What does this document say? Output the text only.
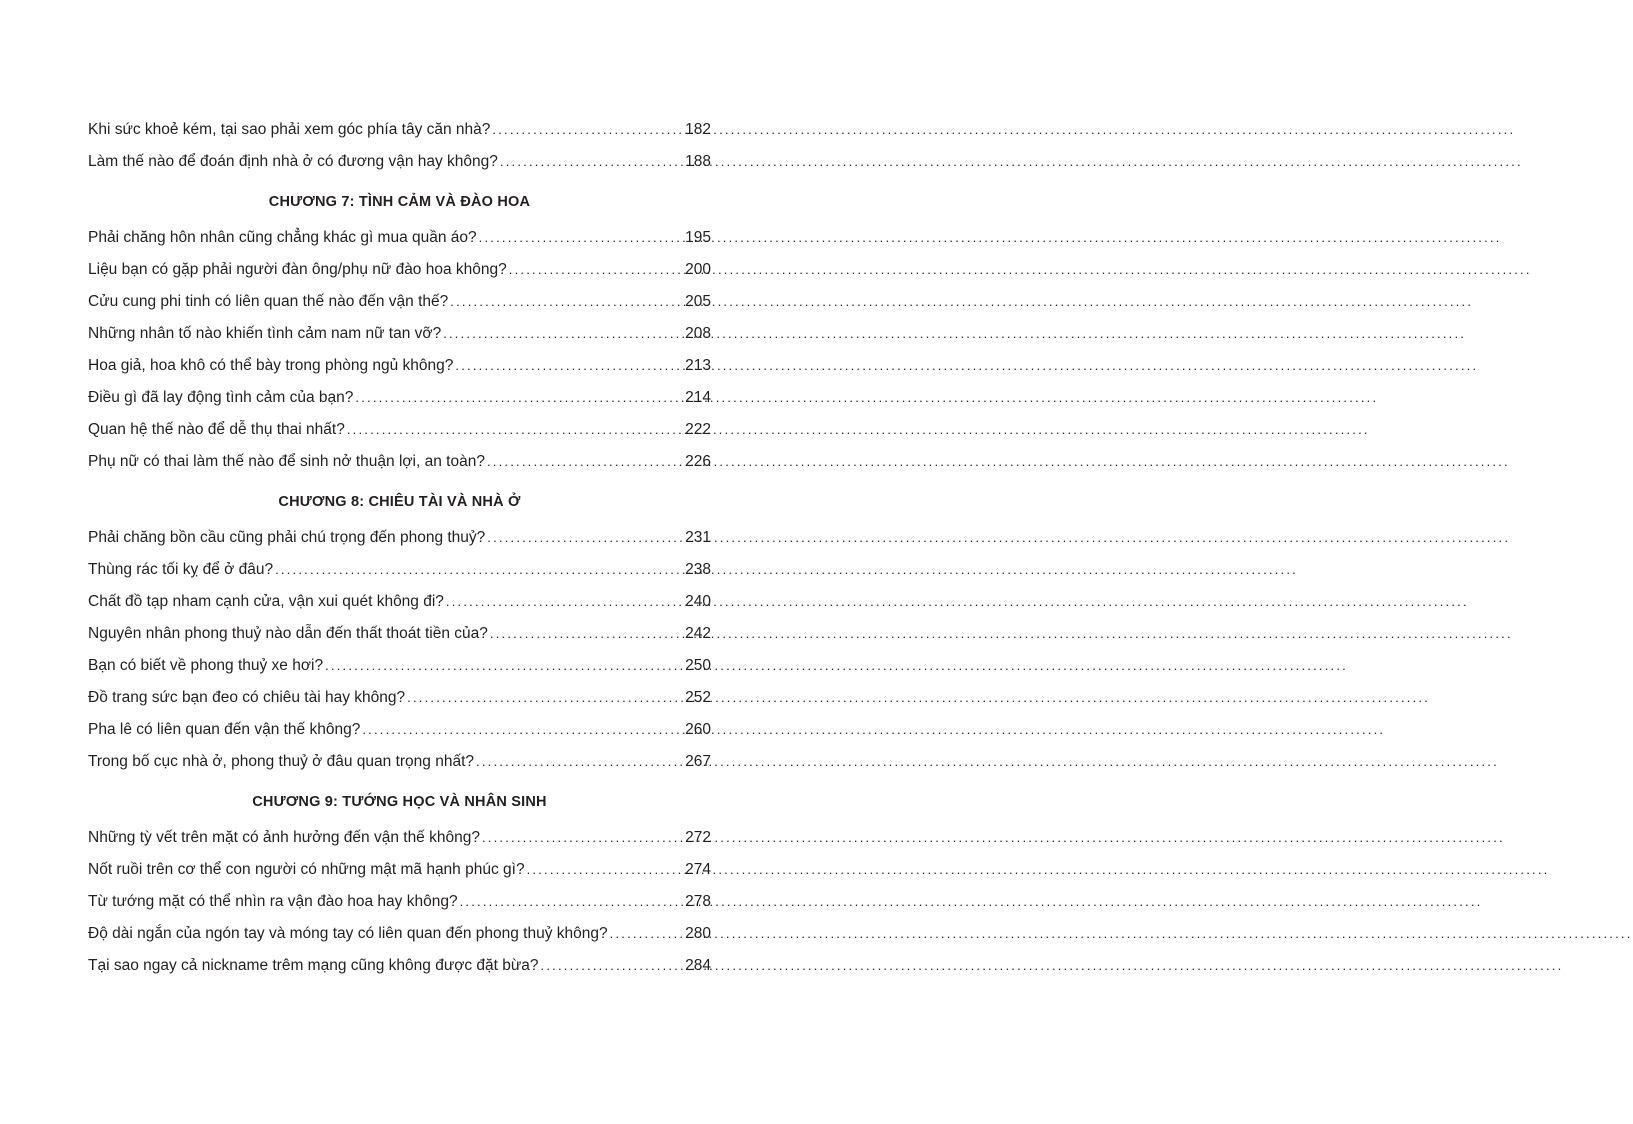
Khi sức khoẻ kém, tại sao phải xem góc phía tây căn nhà? .....	182
Làm thế nào để đoán định nhà ở có đương vận hay không? .....	188
CHƯƠNG 7: TÌNH CẢM VÀ ĐÀO HOA
Phải chăng hôn nhân cũng chẳng khác gì mua quần áo? .....	195
Liệu bạn có gặp phải người đàn ông/phụ nữ đào hoa không? .....	200
Cửu cung phi tinh có liên quan thế nào đến vận thế? .....	205
Những nhân tố nào khiến tình cảm nam nữ tan vỡ? .....	208
Hoa giả, hoa khô có thể bày trong phòng ngủ không? .....	213
Điều gì đã lay động tình cảm của bạn? .....	214
Quan hệ thế nào để dễ thụ thai nhất? .....	222
Phụ nữ có thai làm thế nào để sinh nở thuận lợi, an toàn? .....	226
CHƯƠNG 8: CHIÊU TÀI VÀ NHÀ Ở
Phải chăng bồn cầu cũng phải chú trọng đến phong thuỷ? .....	231
Thùng rác tối kỵ để ở đâu? .....	238
Chất đồ tạp nham cạnh cửa, vận xui quét không đi? .....	240
Nguyên nhân phong thuỷ nào dẫn đến thất thoát tiền của? .....	242
Bạn có biết về phong thuỷ xe hơi? .....	250
Đồ trang sức bạn đeo có chiêu tài hay không? .....	252
Pha lê có liên quan đến vận thế không? .....	260
Trong bố cục nhà ở, phong thuỷ ở đâu quan trọng nhất? .....	267
CHƯƠNG 9: TƯỚNG HỌC VÀ NHÂN SINH
Những tỳ vết trên mặt có ảnh hưởng đến vận thế không? .....	272
Nốt ruồi trên cơ thể con người có những mật mã hạnh phúc gì? .....	274
Từ tướng mặt có thể nhìn ra vận đào hoa hay không? .....	278
Độ dài ngắn của ngón tay và móng tay có liên quan đến phong thuỷ không? .....	280
Tại sao ngay cả nickname trêm mạng cũng không được đặt bừa? .....	284
